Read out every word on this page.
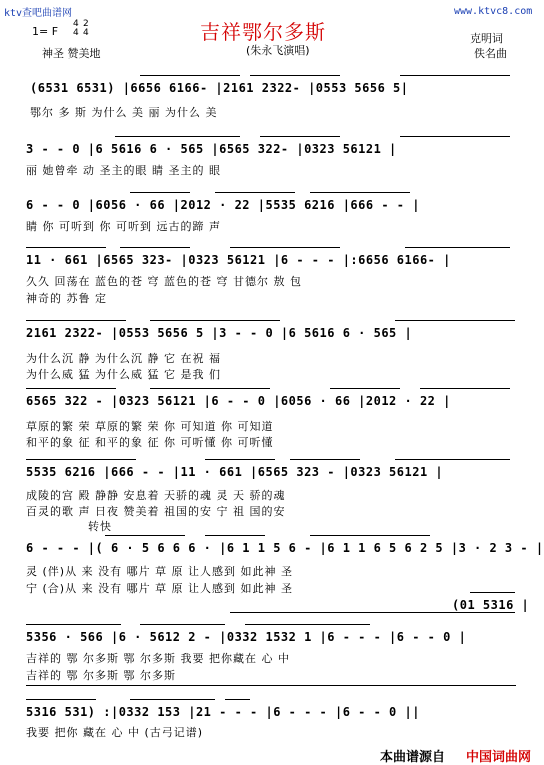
ktv查吧曲谱网	www.ktvc8.com
吉祥鄂尔多斯
(朱永飞演唱)
1= F
4
4
2
4
神圣 赞美地
克明词
佚名曲
(6531 6531) |6656 6166- |2161 2322- |0553 5656 5|
鄂尔 多 斯 为什么 美 丽 为什么 美
3 - - 0 |6 5616 6 · 565 |6565 322- |0323 56121 |
丽 她曾牵 动 圣主的眼 睛 圣主的 眼
6 - - 0 |6056 · 66 |2012 · 22 |5535 6216 |666 - - |
睛 你 可听到 你 可听到 远古的蹄 声
11 · 661 |6565 323- |0323 56121 |6 - - - |:6656 6166- |
久久 回荡在 蓝色的苍 穹 蓝色的苍 穹 甘德尔 敖 包
神奇的 苏鲁 定
2161 2322- |0553 5656 5 |3 - - 0 |6 5616 6 · 565 |
为什么沉 静 为什么沉 静 它 在祝 福
为什么威 猛 为什么威 猛 它 是我 们
6565 322 - |0323 56121 |6 - - 0 |6056 · 66 |2012 · 22 |
草原的繁 荣 草原的繁 荣 你 可知道 你 可知道
和平的象 征 和平的象 征 你 可听懂 你 可听懂
5535 6216 |666 - - |11 · 661 |6565 323 - |0323 56121 |
成陵的宫 殿 静静 安息着 天骄的魂 灵 天 骄的魂
百灵的歌 声 日夜 赞美着 祖国的安 宁 祖 国的安
转快
6 - - - |( 6 · 5 6 6 6 · |6 1 1 5 6 - |6 1 1 6 5 6 2 5 |3 · 2 3 - |
灵 (伴)从 来 没有 哪片 草 原 让人感到 如此神 圣
宁 (合)从 来 没有 哪片 草 原 让人感到 如此神 圣
(01 5316 |
5356 · 566 |6 · 5612 2 - |0332 1532 1 |6 - - - |6 - - 0 |
吉祥的 鄂 尔多斯 鄂 尔多斯 我要 把你藏在 心 中
吉祥的 鄂 尔多斯 鄂 尔多斯
5316 531) :|0332 153 |21 - - - |6 - - - |6 - - 0 ||
我要 把你 藏在 心 中 (古弓记谱)
本曲谱源自 中国词曲网
